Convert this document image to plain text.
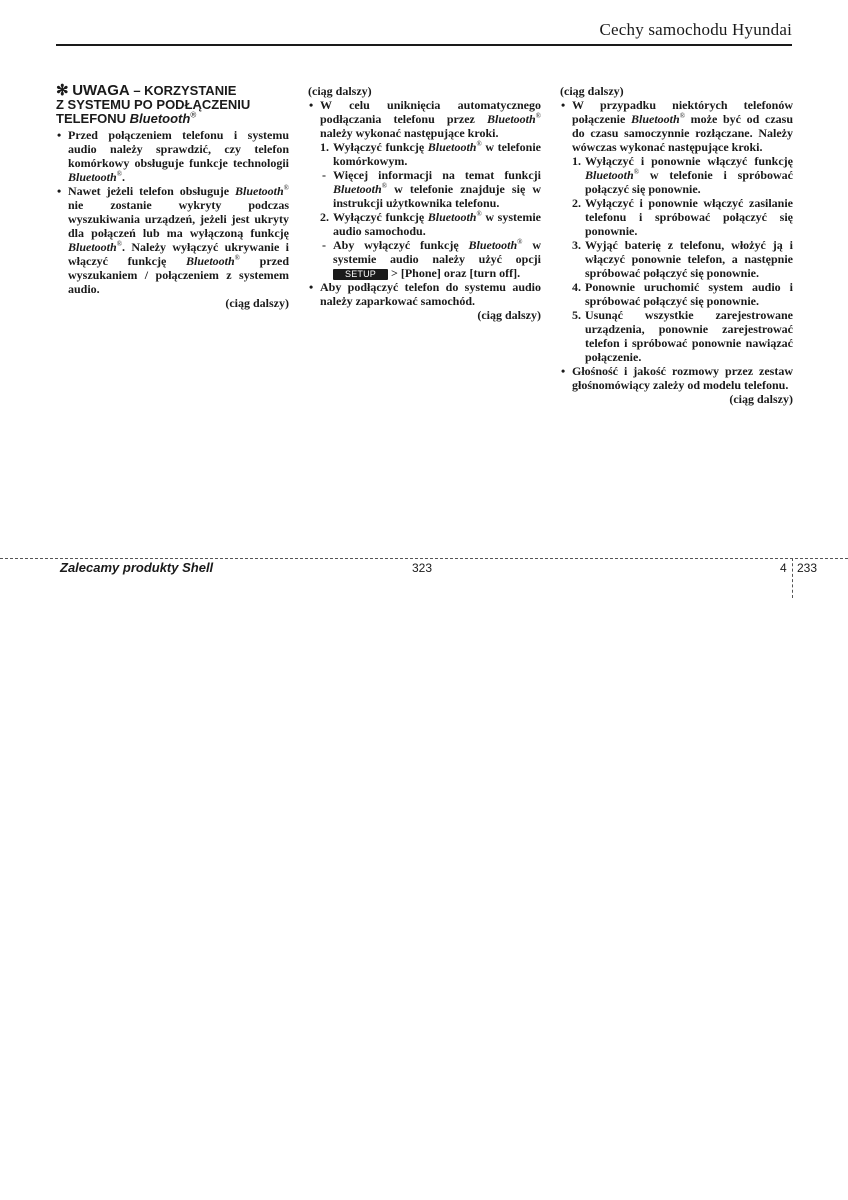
Cechy samochodu Hyundai
✻ UWAGA – KORZYSTANIE
Z SYSTEMU PO PODŁĄCZENIU
TELEFONU Bluetooth®
• Przed połączeniem telefonu i systemu audio należy sprawdzić, czy telefon komórkowy obsługuje funkcje technologii Bluetooth®.
• Nawet jeżeli telefon obsługuje Bluetooth® nie zostanie wykryty podczas wyszukiwania urządzeń, jeżeli jest ukryty dla połączeń lub ma wyłączoną funkcję Bluetooth®. Należy wyłączyć ukrywanie i włączyć funkcję Bluetooth® przed wyszukaniem / połączeniem z systemem audio.
(ciąg dalszy)
(ciąg dalszy)
• W celu uniknięcia automatycznego podłączania telefonu przez Bluetooth® należy wykonać następujące kroki.
1. Wyłączyć funkcję Bluetooth® w telefonie komórkowym.
- Więcej informacji na temat funkcji Bluetooth® w telefonie znajduje się w instrukcji użytkownika telefonu.
2. Wyłączyć funkcję Bluetooth® w systemie audio samochodu.
- Aby wyłączyć funkcję Bluetooth® w systemie audio należy użyć opcji SETUP > [Phone] oraz [turn off].
• Aby podłączyć telefon do systemu audio należy zaparkować samochód.
(ciąg dalszy)
(ciąg dalszy)
• W przypadku niektórych telefonów połączenie Bluetooth® może być od czasu do czasu samoczynnie rozłączane. Należy wówczas wykonać następujące kroki.
1. Wyłączyć i ponownie włączyć funkcję Bluetooth® w telefonie i spróbować połączyć się ponownie.
2. Wyłączyć i ponownie włączyć zasilanie telefonu i spróbować połączyć się ponownie.
3. Wyjąć baterię z telefonu, włożyć ją i włączyć ponownie telefon, a następnie spróbować połączyć się ponownie.
4. Ponownie uruchomić system audio i spróbować połączyć się ponownie.
5. Usunąć wszystkie zarejestrowane urządzenia, ponownie zarejestrować telefon i spróbować ponownie nawiązać połączenie.
• Głośność i jakość rozmowy przez zestaw głośnomówiący zależy od modelu telefonu.
(ciąg dalszy)
Zalecamy produkty Shell	323	4 233
